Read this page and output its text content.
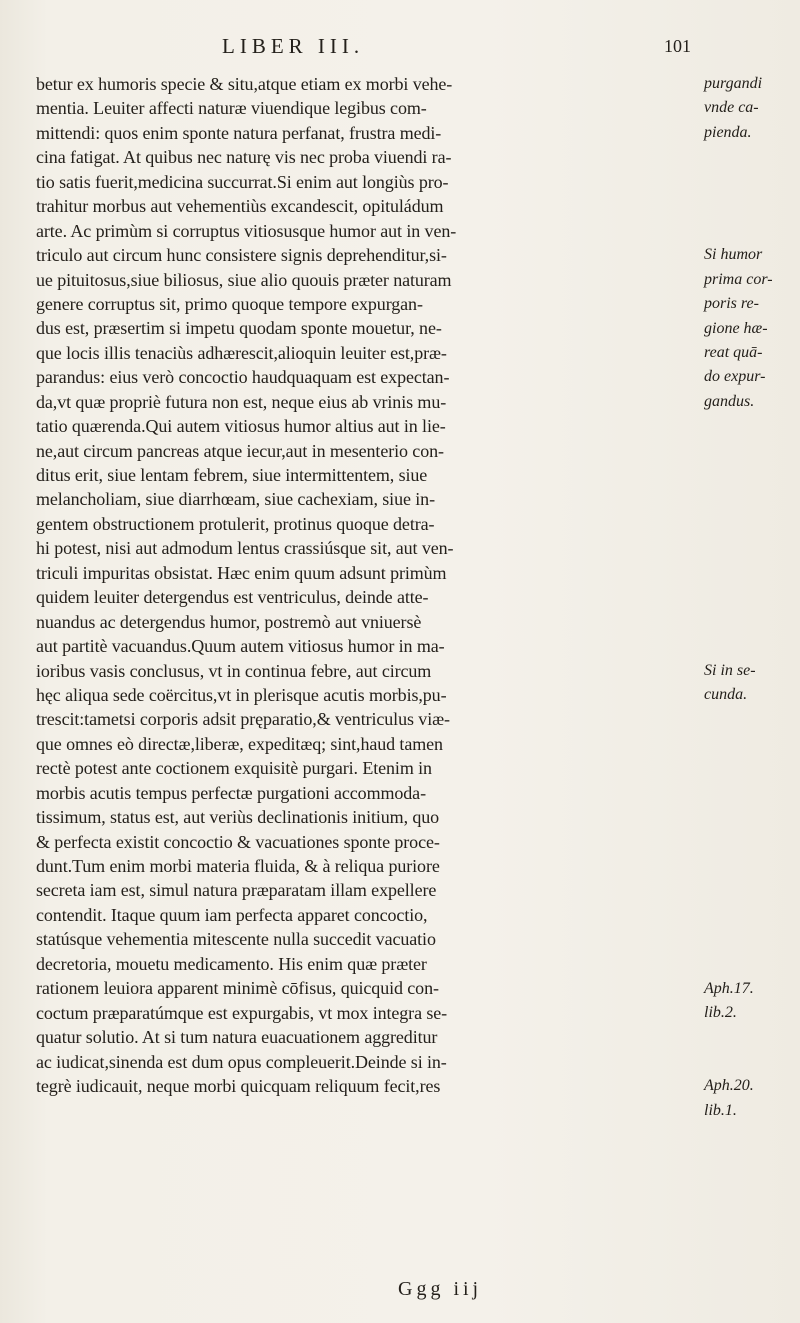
LIBER III.	101
betur ex humoris specie & situ,atque etiam ex morbi vehe-
mentia. Leuiter affecti naturæ viuendique legibus com-
mittendi: quos enim sponte natura perfanat, frustra medi-
cina fatigat. At quibus nec naturę vis nec proba viuendi ra-
tio satis fuerit,medicina succurrat.Si enim aut longiùs pro-
trahitur morbus aut vehementiùs excandescit, opituládum
arte. Ac primùm si corruptus vitiosusque humor aut in ven-
triculo aut circum hunc consistere signis deprehenditur,si-
ue pituitosus,siue biliosus, siue alio quouis præter naturam
genere corruptus sit, primo quoque tempore expurgan-
dus est, præsertim si impetu quodam sponte mouetur, ne-
que locis illis tenaciùs adhærescit,alioquin leuiter est,præ-
parandus: eius verò concoctio haudquaquam est expectan-
da,vt quæ propriè futura non est, neque eius ab vrinis mu-
tatio quærenda.Qui autem vitiosus humor altius aut in lie-
ne,aut circum pancreas atque iecur,aut in mesenterio con-
ditus erit, siue lentam febrem, siue intermittentem, siue
melancholiam, siue diarrhœam, siue cachexiam, siue in-
gentem obstructionem protulerit, protinus quoque detra-
hi potest, nisi aut admodum lentus crassiúsque sit, aut ven-
triculi impuritas obsistat. Hæc enim quum adsunt primùm
quidem leuiter detergendus est ventriculus, deinde atte-
nuandus ac detergendus humor, postremò aut vniuersè
aut partitè vacuandus.Quum autem vitiosus humor in ma-
ioribus vasis conclusus, vt in continua febre, aut circum
hęc aliqua sede coërcitus,vt in plerisque acutis morbis,pu-
trescit:tametsi corporis adsit pręparatio,& ventriculus viæ-
que omnes eò directæ,liberæ, expeditæq; sint,haud tamen
rectè potest ante coctionem exquisitè purgari. Etenim in
morbis acutis tempus perfectæ purgationi accommoda-
tissimum, status est, aut veriùs declinationis initium, quo
& perfecta existit concoctio & vacuationes sponte proce-
dunt.Tum enim morbi materia fluida, & à reliqua puriore
secreta iam est, simul natura præparatam illam expellere
contendit. Itaque quum iam perfecta apparet concoctio,
statúsque vehementia mitescente nulla succedit vacuatio
decretoria, mouetu medicamento. His enim quæ præter
rationem leuiora apparent minimè cōfisus, quicquid con-
coctum præparatúmque est expurgabis, vt mox integra se-
quatur solutio. At si tum natura euacuationem aggreditur
ac iudicat,sinenda est dum opus compleuerit.Deinde si in-
tegrè iudicauit, neque morbi quicquam reliquum fecit,res
purgandi
vnde ca-
pienda.
Si humor
prima cor-
poris re-
gione hæ-
reat quā-
do expur-
gandus.
Si in se-
cunda.
Aph.17.
lib.2.
Aph.20.
lib.1.
Ggg iij
